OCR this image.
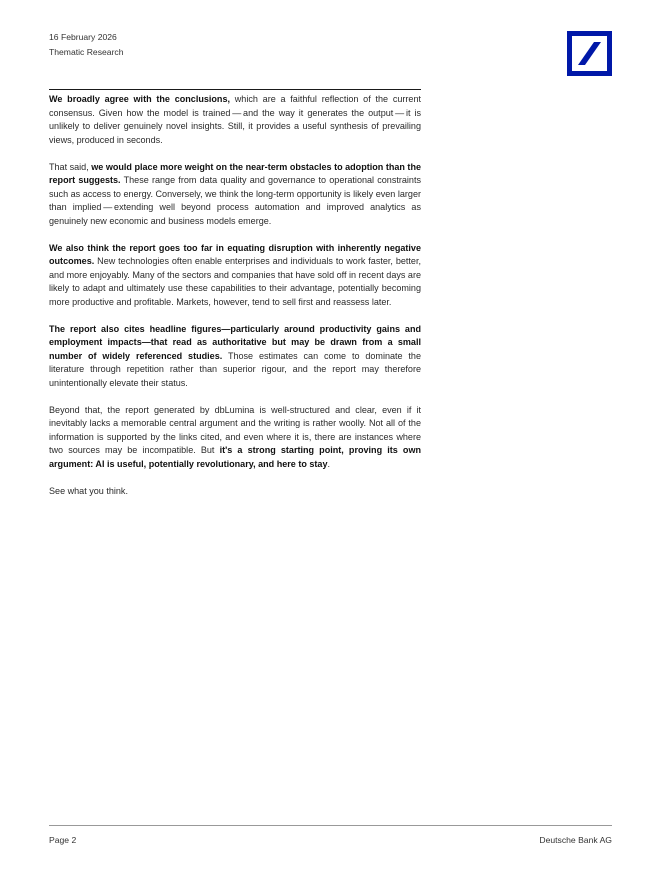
16 February 2026
Thematic Research

We broadly agree with the conclusions, which are a faithful reflection of the current consensus. Given how the model is trained — and the way it generates the output — it is unlikely to deliver genuinely novel insights. Still, it provides a useful synthesis of prevailing views, produced in seconds.

That said, we would place more weight on the near-term obstacles to adoption than the report suggests. These range from data quality and governance to operational constraints such as access to energy. Conversely, we think the long-term opportunity is likely even larger than implied — extending well beyond process automation and improved analytics as genuinely new economic and business models emerge.

We also think the report goes too far in equating disruption with inherently negative outcomes. New technologies often enable enterprises and individuals to work faster, better, and more enjoyably. Many of the sectors and companies that have sold off in recent days are likely to adapt and ultimately use these capabilities to their advantage, potentially becoming more productive and profitable. Markets, however, tend to sell first and reassess later.

The report also cites headline figures—particularly around productivity gains and employment impacts—that read as authoritative but may be drawn from a small number of widely referenced studies. Those estimates can come to dominate the literature through repetition rather than superior rigour, and the report may therefore unintentionally elevate their status.

Beyond that, the report generated by dbLumina is well-structured and clear, even if it inevitably lacks a memorable central argument and the writing is rather woolly. Not all of the information is supported by the links cited, and even where it is, there are instances where two sources may be incompatible. But it's a strong starting point, proving its own argument: AI is useful, potentially revolutionary, and here to stay.

See what you think.

Page 2	Deutsche Bank AG
